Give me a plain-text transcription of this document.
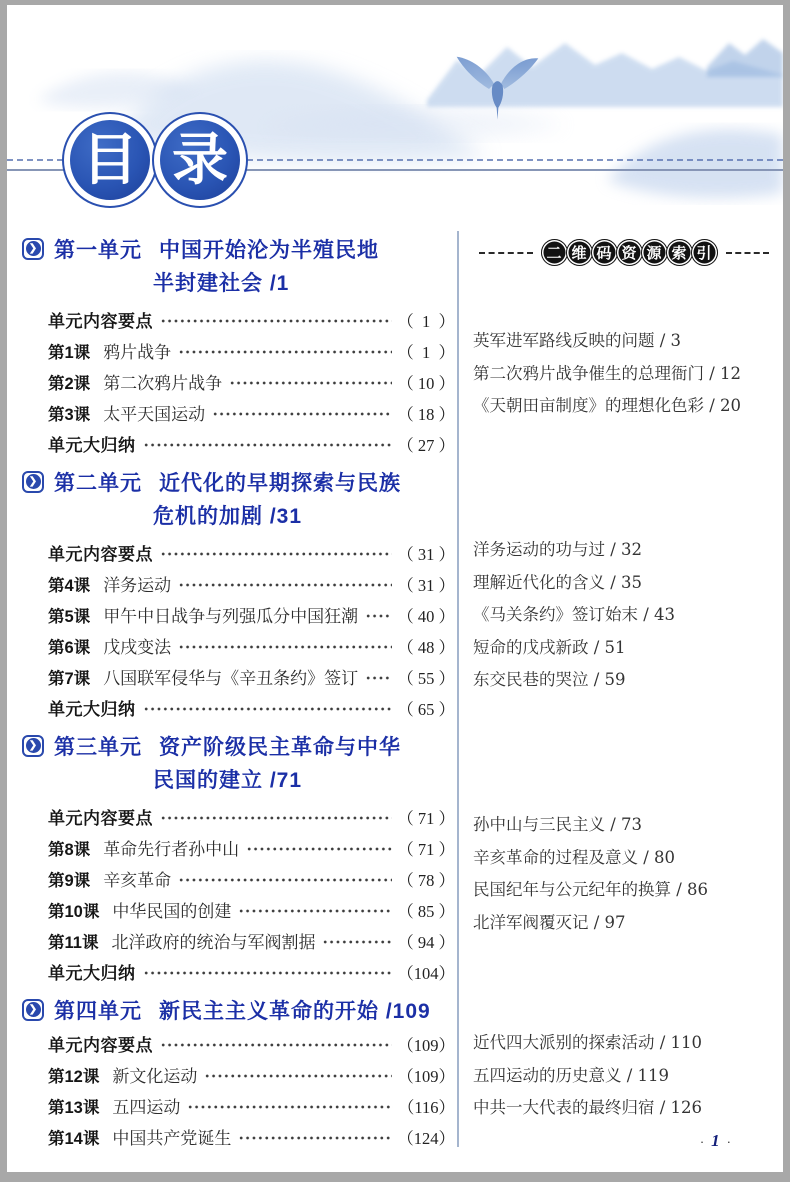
目 录
❯ 第一单元 中国开始沦为半殖民地
半封建社会 /1
单元内容要点	（  1  ）
第1课 鸦片战争	（  1  ）
第2课 第二次鸦片战争	（ 10 ）
第3课 太平天国运动	（ 18 ）
单元大归纳	（ 27 ）
❯ 第二单元 近代化的早期探索与民族
危机的加剧 /31
单元内容要点	（ 31 ）
第4课 洋务运动	（ 31 ）
第5课 甲午中日战争与列强瓜分中国狂潮 （ 40 ）
第6课 戊戌变法	（ 48 ）
第7课 八国联军侵华与《辛丑条约》签订 （ 55 ）
单元大归纳	（ 65 ）
❯ 第三单元 资产阶级民主革命与中华
民国的建立 /71
单元内容要点	（ 71 ）
第8课 革命先行者孙中山	（ 71 ）
第9课 辛亥革命	（ 78 ）
第10课 中华民国的创建	（ 85 ）
第11课 北洋政府的统治与军阀割据	（ 94 ）
单元大归纳	（104）
❯ 第四单元 新民主主义革命的开始 /109
单元内容要点	（109）
第12课 新文化运动	（109）
第13课 五四运动	（116）
第14课 中国共产党诞生	（124）
二 维 码 资 源 索 引

英军进军路线反映的问题 / 3

第二次鸦片战争催生的总理衙门 / 12

《天朝田亩制度》的理想化色彩 / 20

洋务运动的功与过 / 32

理解近代化的含义 / 35

《马关条约》签订始末 / 43

短命的戊戌新政 / 51

东交民巷的哭泣 / 59

孙中山与三民主义 / 73

辛亥革命的过程及意义 / 80

民国纪年与公元纪年的换算 / 86

北洋军阀覆灭记 / 97

近代四大派别的探索活动 / 110

五四运动的历史意义 / 119

中共一大代表的最终归宿 / 126

· 1 ·
